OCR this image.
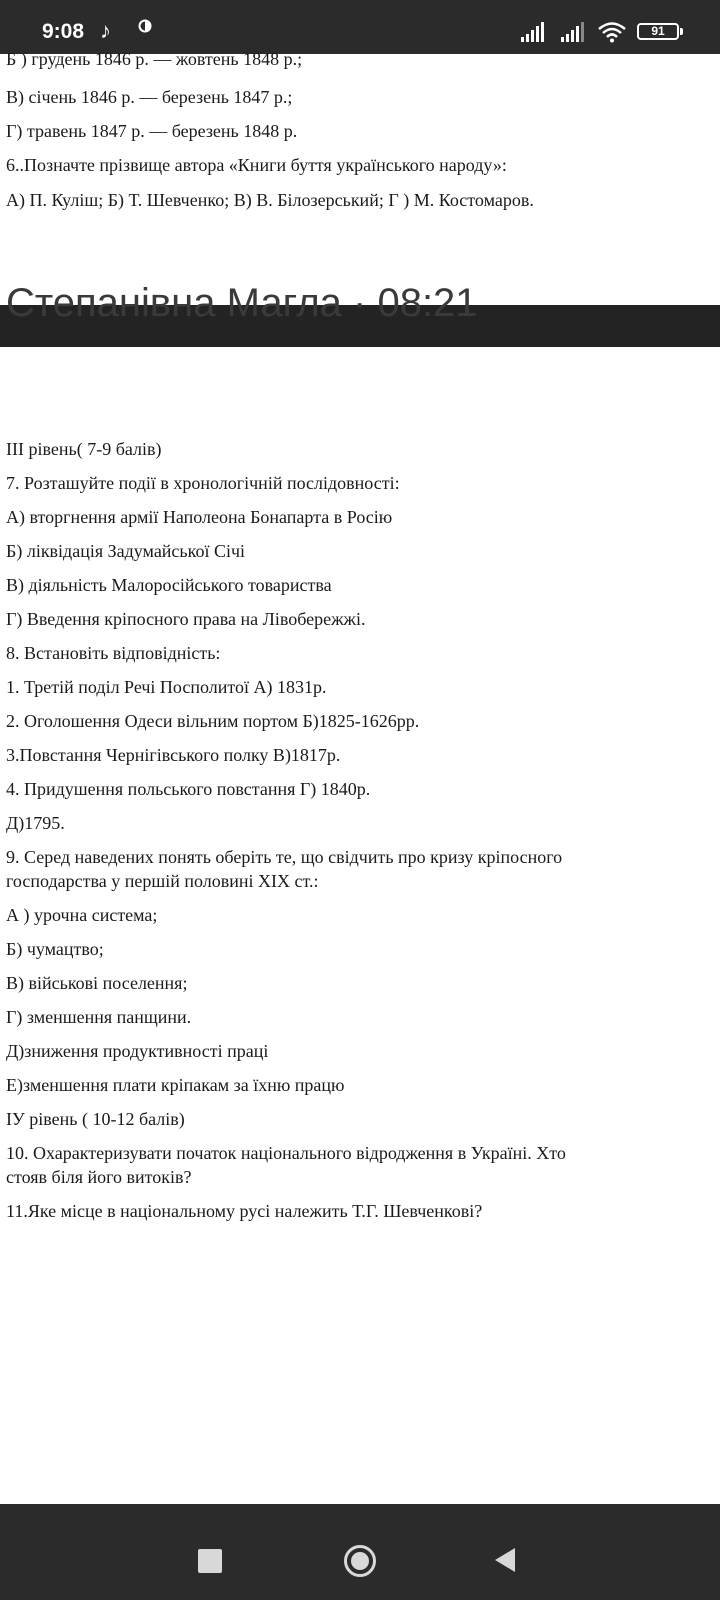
9:08 ♪	91
Б ) грудень 1846 р. — жовтень 1848 р.;
В) січень 1846 р. — березень 1847 р.;
Г) травень 1847 р. — березень 1848 р.
6..Позначте прізвище автора «Книги буття українського народу»:
А) П. Куліш; Б) Т. Шевченко; В) В. Білозерський; Г ) М. Костомаров.
Степанівна Магла · 08:21
ІІІ рівень( 7-9 балів)
7. Розташуйте події в хронологічній послідовності:
А) вторгнення армії Наполеона Бонапарта в Росію
Б) ліквідація Задумайської Січі
В) діяльність Малоросійського товариства
Г) Введення кріпосного права на Лівобережжі.
8. Встановіть відповідність:
1. Третій поділ Речі Посполитої А) 1831р.
2. Оголошення Одеси вільним портом Б)1825-1626рр.
3.Повстання Чернігівського полку В)1817р.
4. Придушення польського повстання Г) 1840р.
Д)1795.
9. Серед наведених понять оберіть те, що свідчить про кризу кріпосного
господарства у першій половині XIX ст.:
А ) урочна система;
Б) чумацтво;
В) військові поселення;
Г) зменшення панщини.
Д)зниження продуктивності праці
Е)зменшення плати кріпакам за їхню працю
ІУ рівень ( 10-12 балів)
10. Охарактеризувати початок національного відродження в Україні. Хто
стояв біля його витоків?
11.Яке місце в національному русі належить Т.Г. Шевченкові?
